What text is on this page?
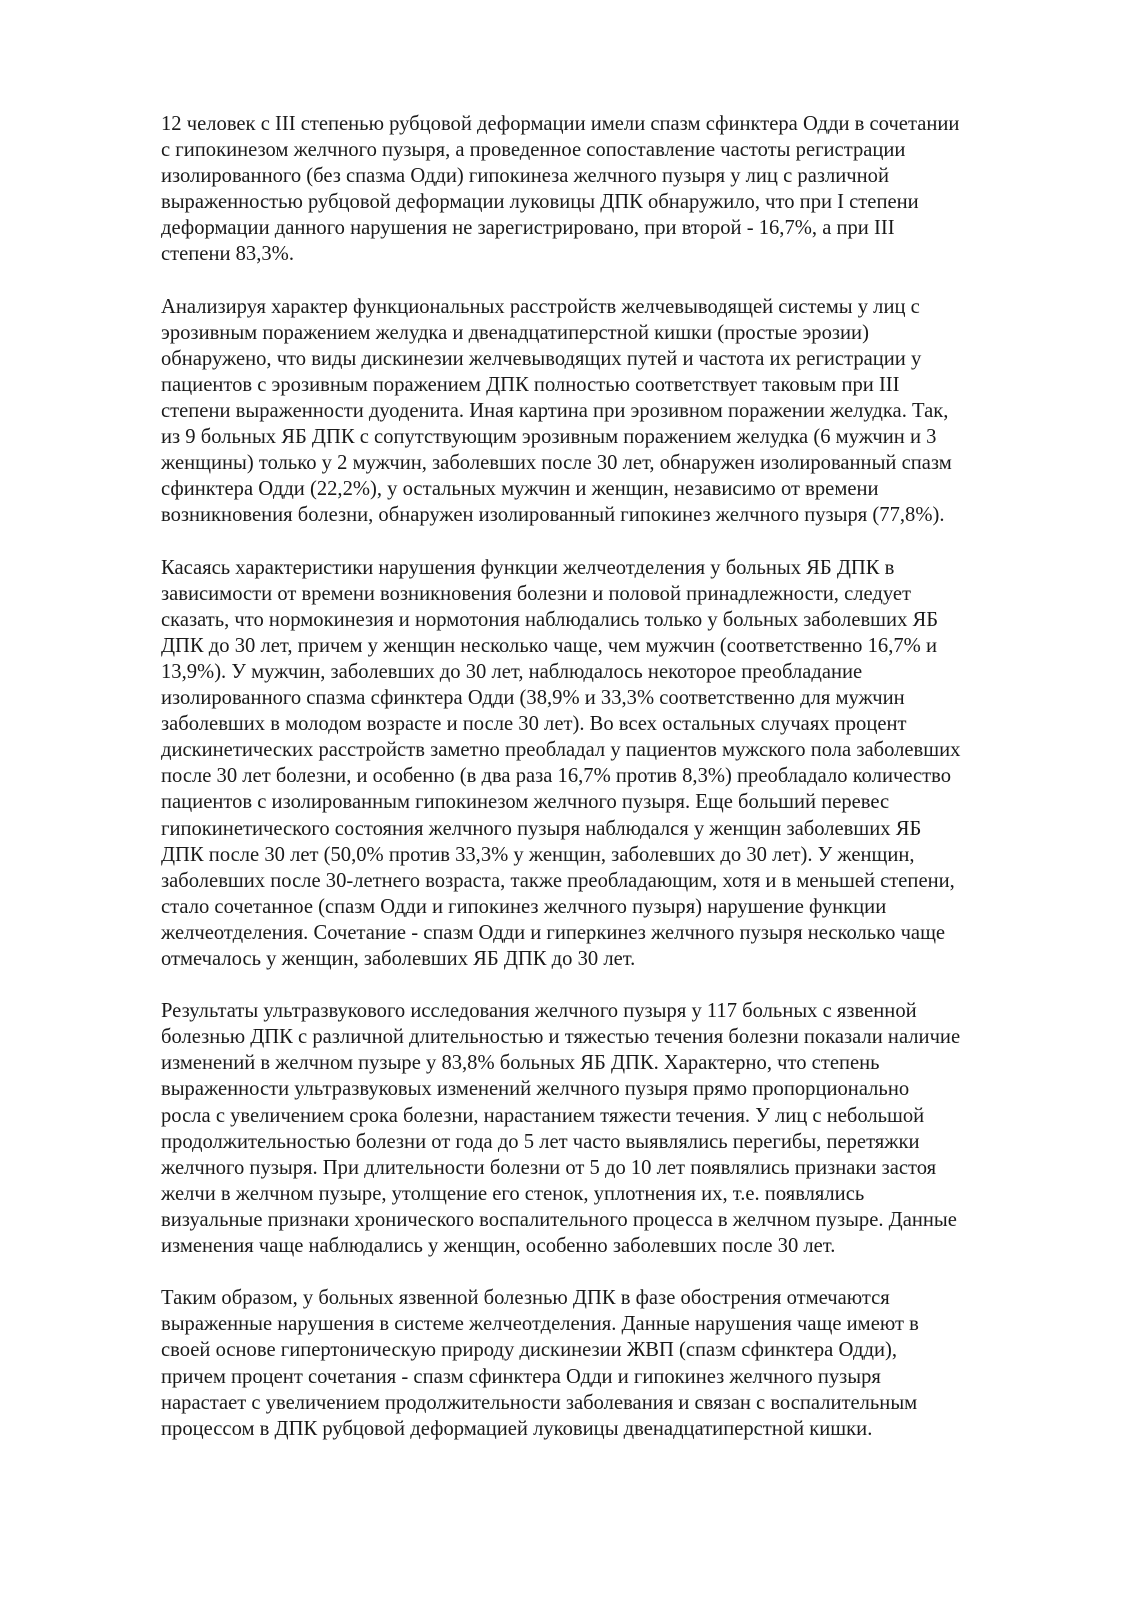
12 человек с III степенью рубцовой деформации имели спазм сфинктера Одди в сочетании
с гипокинезом желчного пузыря, а проведенное сопоставление частоты регистрации
изолированного (без спазма Одди) гипокинеза желчного пузыря у лиц с различной
выраженностью рубцовой деформации луковицы ДПК обнаружило, что при I степени
деформации данного нарушения не зарегистрировано, при второй - 16,7%, а при III
степени 83,3%.

Анализируя характер функциональных расстройств желчевыводящей системы у лиц с
эрозивным поражением желудка и двенадцатиперстной кишки (простые эрозии)
обнаружено, что виды дискинезии желчевыводящих путей и частота их регистрации у
пациентов с эрозивным поражением ДПК полностью соответствует таковым при III
степени выраженности дуоденита. Иная картина при эрозивном поражении желудка. Так,
из 9 больных ЯБ ДПК с сопутствующим эрозивным поражением желудка (6 мужчин и 3
женщины) только у 2 мужчин, заболевших после 30 лет, обнаружен изолированный спазм
сфинктера Одди (22,2%), у остальных мужчин и женщин, независимо от времени
возникновения болезни, обнаружен изолированный гипокинез желчного пузыря (77,8%).

Касаясь характеристики нарушения функции желчеотделения у больных ЯБ ДПК в
зависимости от времени возникновения болезни и половой принадлежности, следует
сказать, что нормокинезия и нормотония наблюдались только у больных заболевших ЯБ
ДПК до 30 лет, причем у женщин несколько чаще, чем мужчин (соответственно 16,7% и
13,9%). У мужчин, заболевших до 30 лет, наблюдалось некоторое преобладание
изолированного спазма сфинктера Одди (38,9% и 33,3% соответственно для мужчин
заболевших в молодом возрасте и после 30 лет). Во всех остальных случаях процент
дискинетических расстройств заметно преобладал у пациентов мужского пола заболевших
после 30 лет болезни, и особенно (в два раза 16,7% против 8,3%) преобладало количество
пациентов с изолированным гипокинезом желчного пузыря. Еще больший перевес
гипокинетического состояния желчного пузыря наблюдался у женщин заболевших ЯБ
ДПК после 30 лет (50,0% против 33,3% у женщин, заболевших до 30 лет). У женщин,
заболевших после 30-летнего возраста, также преобладающим, хотя и в меньшей степени,
стало сочетанное (спазм Одди и гипокинез желчного пузыря) нарушение функции
желчеотделения. Сочетание - спазм Одди и гиперкинез желчного пузыря несколько чаще
отмечалось у женщин, заболевших ЯБ ДПК до 30 лет.

Результаты ультразвукового исследования желчного пузыря у 117 больных с язвенной
болезнью ДПК с различной длительностью и тяжестью течения болезни показали наличие
изменений в желчном пузыре у 83,8% больных ЯБ ДПК. Характерно, что степень
выраженности ультразвуковых изменений желчного пузыря прямо пропорционально
росла с увеличением срока болезни, нарастанием тяжести течения. У лиц с небольшой
продолжительностью болезни от года до 5 лет часто выявлялись перегибы, перетяжки
желчного пузыря. При длительности болезни от 5 до 10 лет появлялись признаки застоя
желчи в желчном пузыре, утолщение его стенок, уплотнения их, т.е. появлялись
визуальные признаки хронического воспалительного процесса в желчном пузыре. Данные
изменения чаще наблюдались у женщин, особенно заболевших после 30 лет.

Таким образом, у больных язвенной болезнью ДПК в фазе обострения отмечаются
выраженные нарушения в системе желчеотделения. Данные нарушения чаще имеют в
своей основе гипертоническую природу дискинезии ЖВП (спазм сфинктера Одди),
причем процент сочетания - спазм сфинктера Одди и гипокинез желчного пузыря
нарастает с увеличением продолжительности заболевания и связан с воспалительным
процессом в ДПК рубцовой деформацией луковицы двенадцатиперстной кишки.
